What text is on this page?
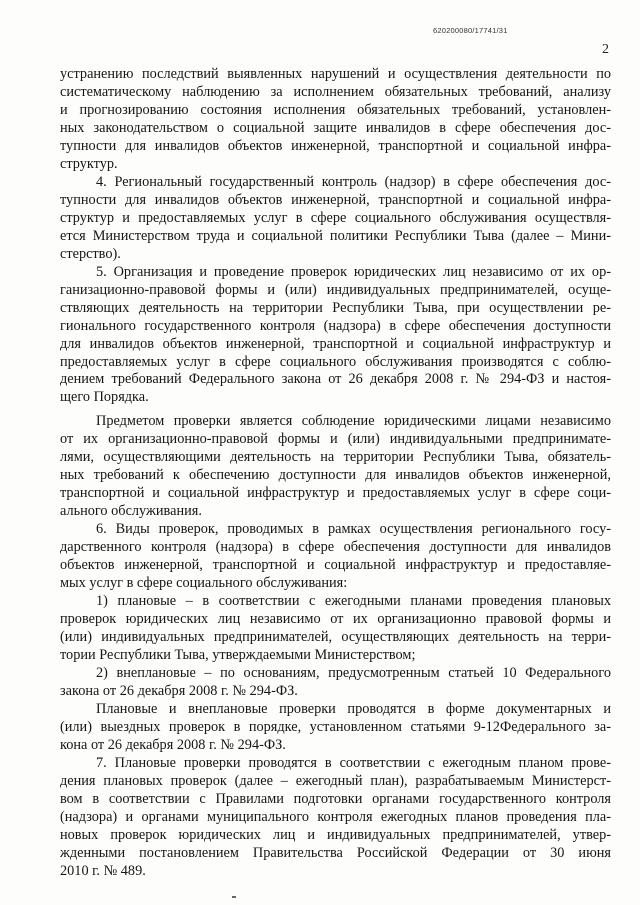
620200080/17741/31
2
устранению последствий выявленных нарушений и осуществления деятельности по
систематическому наблюдению за исполнением обязательных требований, анализу
и прогнозированию состояния исполнения обязательных требований, установлен-
ных законодательством о социальной защите инвалидов в сфере обеспечения дос-
тупности для инвалидов объектов инженерной, транспортной и социальной инфра-
структур.
4. Региональный государственный контроль (надзор) в сфере обеспечения дос-
тупности для инвалидов объектов инженерной, транспортной и социальной инфра-
структур и предоставляемых услуг в сфере социального обслуживания осуществля-
ется Министерством труда и социальной политики Республики Тыва (далее – Мини-
стерство).
5. Организация и проведение проверок юридических лиц независимо от их ор-
ганизационно-правовой формы и (или) индивидуальных предпринимателей, осуще-
ствляющих деятельность на территории Республики Тыва, при осуществлении ре-
гионального государственного контроля (надзора) в сфере обеспечения доступности
для инвалидов объектов инженерной, транспортной и социальной инфраструктур и
предоставляемых услуг в сфере социального обслуживания производятся с соблю-
дением требований Федерального закона от 26 декабря 2008 г. № 294-ФЗ и настоя-
щего Порядка.
Предметом проверки является соблюдение юридическими лицами независимо
от их организационно-правовой формы и (или) индивидуальными предпринимате-
лями, осуществляющими деятельность на территории Республики Тыва, обязатель-
ных требований к обеспечению доступности для инвалидов объектов инженерной,
транспортной и социальной инфраструктур и предоставляемых услуг в сфере соци-
ального обслуживания.
6. Виды проверок, проводимых в рамках осуществления регионального госу-
дарственного контроля (надзора) в сфере обеспечения доступности для инвалидов
объектов инженерной, транспортной и социальной инфраструктур и предоставляе-
мых услуг в сфере социального обслуживания:
1) плановые – в соответствии с ежегодными планами проведения плановых
проверок юридических лиц независимо от их организационно правовой формы и
(или) индивидуальных предпринимателей, осуществляющих деятельность на терри-
тории Республики Тыва, утверждаемыми Министерством;
2) внеплановые – по основаниям, предусмотренным статьей 10 Федерального
закона от 26 декабря 2008 г. № 294-ФЗ.
Плановые и внеплановые проверки проводятся в форме документарных и
(или) выездных проверок в порядке, установленном статьями 9-12Федерального за-
кона от 26 декабря 2008 г. № 294-ФЗ.
7. Плановые проверки проводятся в соответствии с ежегодным планом прове-
дения плановых проверок (далее – ежегодный план), разрабатываемым Министерст-
вом в соответствии с Правилами подготовки органами государственного контроля
(надзора) и органами муниципального контроля ежегодных планов проведения пла-
новых проверок юридических лиц и индивидуальных предпринимателей, утвер-
жденными постановлением Правительства Российской Федерации от 30 июня
2010 г. № 489.
